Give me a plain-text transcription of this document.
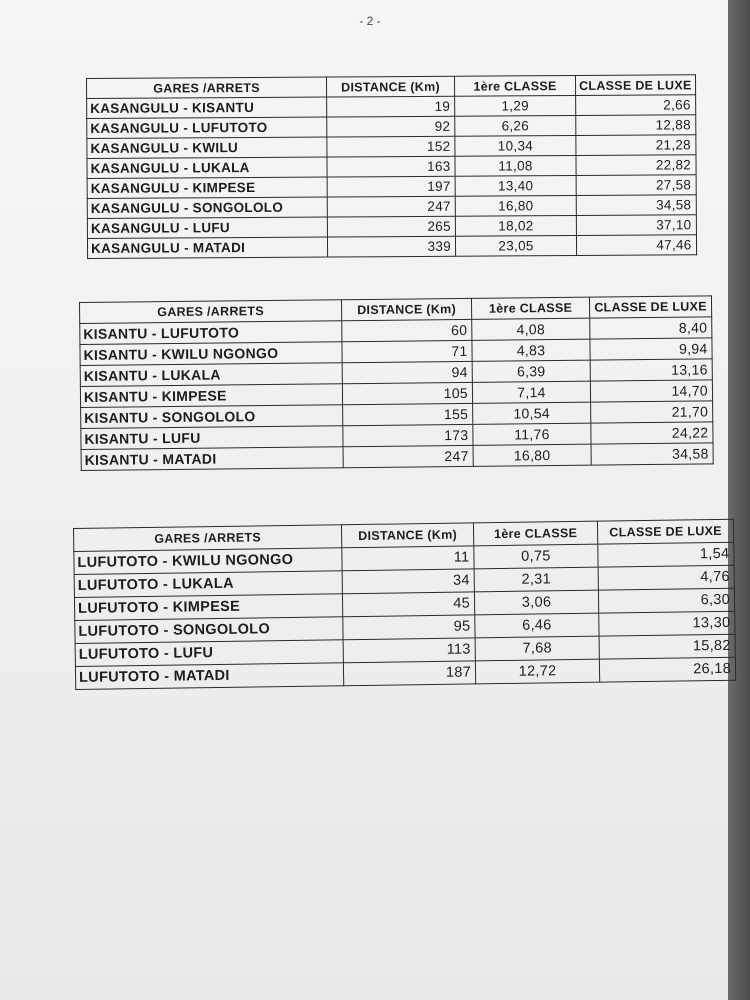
- 2 -
GARES /ARRETS	DISTANCE (Km)	1ère CLASSE	CLASSE DE LUXE
KASANGULU - KISANTU	19	1,29	2,66
KASANGULU - LUFUTOTO	92	6,26	12,88
KASANGULU - KWILU	152	10,34	21,28
KASANGULU - LUKALA	163	11,08	22,82
KASANGULU - KIMPESE	197	13,40	27,58
KASANGULU - SONGOLOLO	247	16,80	34,58
KASANGULU - LUFU	265	18,02	37,10
KASANGULU - MATADI	339	23,05	47,46
GARES /ARRETS	DISTANCE (Km)	1ère CLASSE	CLASSE DE LUXE
KISANTU - LUFUTOTO	60	4,08	8,40
KISANTU - KWILU NGONGO	71	4,83	9,94
KISANTU - LUKALA	94	6,39	13,16
KISANTU - KIMPESE	105	7,14	14,70
KISANTU - SONGOLOLO	155	10,54	21,70
KISANTU - LUFU	173	11,76	24,22
KISANTU - MATADI	247	16,80	34,58
GARES /ARRETS	DISTANCE (Km)	1ère CLASSE	CLASSE DE LUXE
LUFUTOTO - KWILU NGONGO	11	0,75	1,54
LUFUTOTO - LUKALA	34	2,31	4,76
LUFUTOTO - KIMPESE	45	3,06	6,30
LUFUTOTO - SONGOLOLO	95	6,46	13,30
LUFUTOTO - LUFU	113	7,68	15,82
LUFUTOTO - MATADI	187	12,72	26,18
